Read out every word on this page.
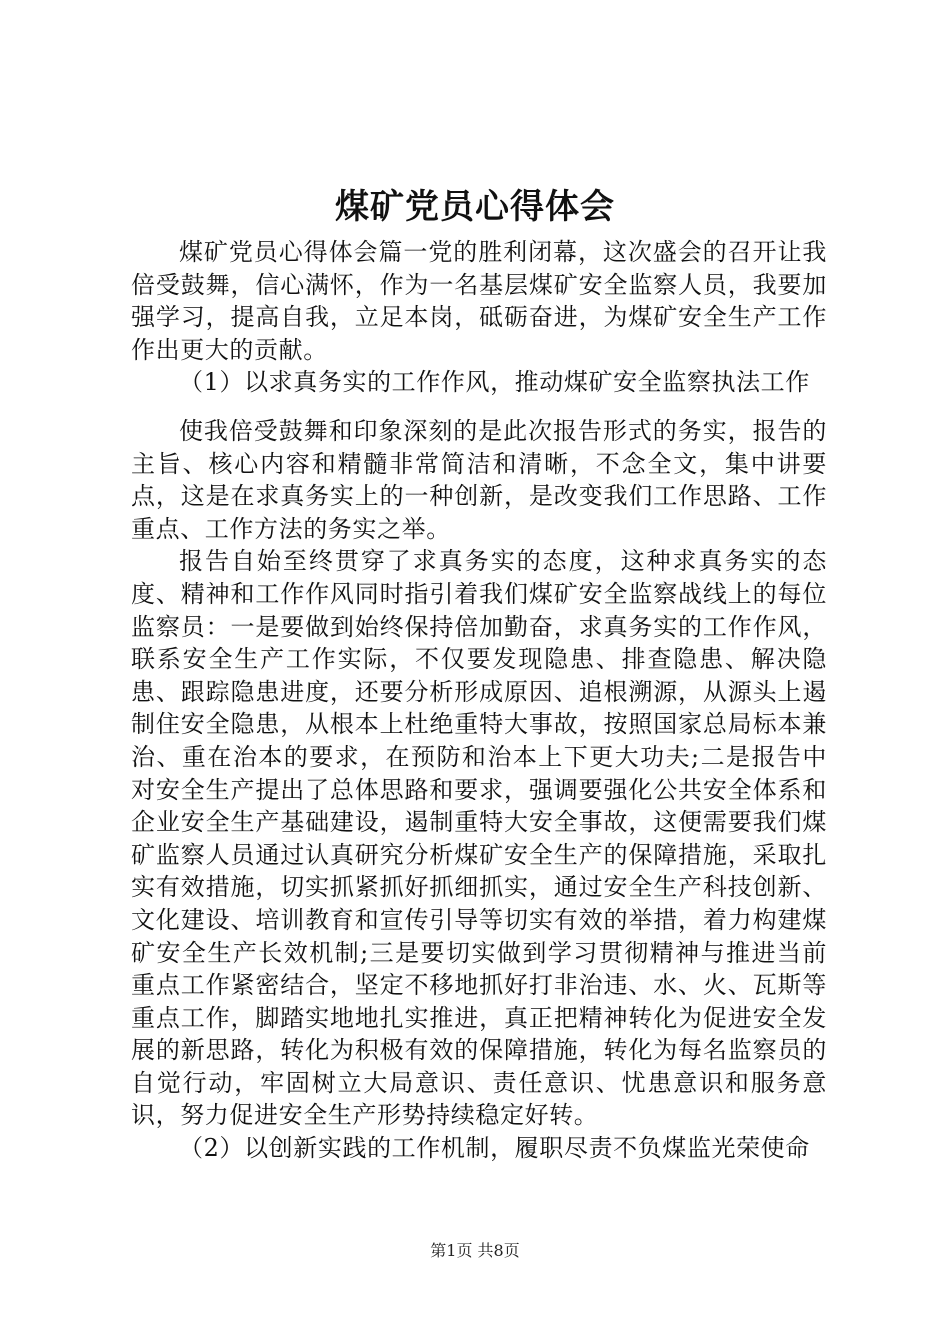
煤矿党员心得体会

煤矿党员心得体会篇一党的胜利闭幕，这次盛会的召开让我倍受鼓舞，信心满怀，作为一名基层煤矿安全监察人员，我要加强学习，提高自我，立足本岗，砥砺奋进，为煤矿安全生产工作作出更大的贡献。

（1）以求真务实的工作作风，推动煤矿安全监察执法工作

使我倍受鼓舞和印象深刻的是此次报告形式的务实，报告的主旨、核心内容和精髓非常简洁和清晰，不念全文，集中讲要点，这是在求真务实上的一种创新，是改变我们工作思路、工作重点、工作方法的务实之举。

报告自始至终贯穿了求真务实的态度，这种求真务实的态度、精神和工作作风同时指引着我们煤矿安全监察战线上的每位监察员：一是要做到始终保持倍加勤奋，求真务实的工作作风，联系安全生产工作实际，不仅要发现隐患、排查隐患、解决隐患、跟踪隐患进度，还要分析形成原因、追根溯源，从源头上遏制住安全隐患，从根本上杜绝重特大事故，按照国家总局标本兼治、重在治本的要求，在预防和治本上下更大功夫;二是报告中对安全生产提出了总体思路和要求，强调要强化公共安全体系和企业安全生产基础建设，遏制重特大安全事故，这便需要我们煤矿监察人员通过认真研究分析煤矿安全生产的保障措施，采取扎实有效措施，切实抓紧抓好抓细抓实，通过安全生产科技创新、文化建设、培训教育和宣传引导等切实有效的举措，着力构建煤矿安全生产长效机制;三是要切实做到学习贯彻精神与推进当前重点工作紧密结合，坚定不移地抓好打非治违、水、火、瓦斯等重点工作，脚踏实地地扎实推进，真正把精神转化为促进安全发展的新思路，转化为积极有效的保障措施，转化为每名监察员的自觉行动，牢固树立大局意识、责任意识、忧患意识和服务意识，努力促进安全生产形势持续稳定好转。

（2）以创新实践的工作机制，履职尽责不负煤监光荣使命

第1页 共8页
